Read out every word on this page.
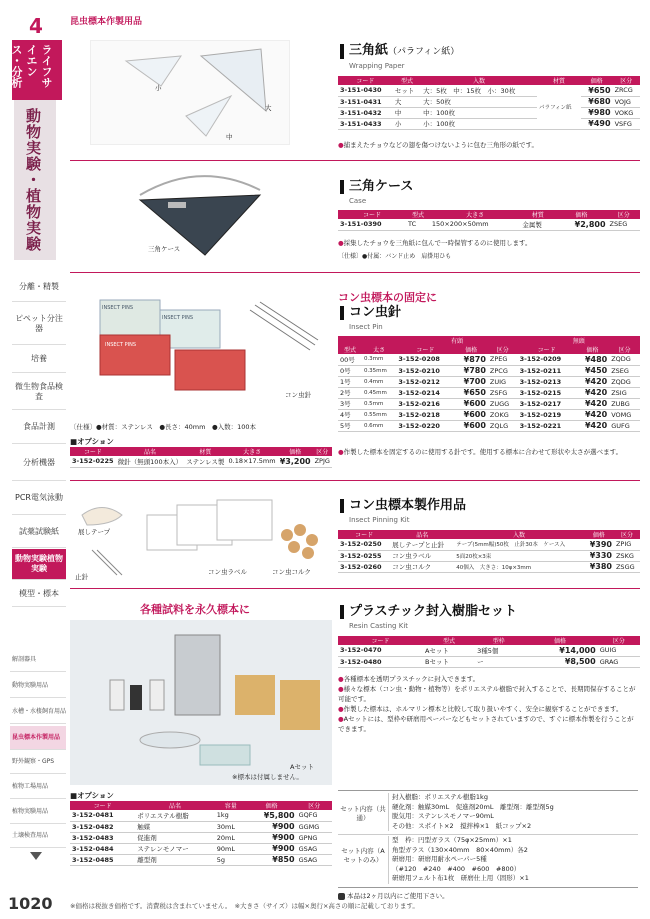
4
ライフサイエンス・分析
動物実験・植物実験
分離・精製
ピペット分注器
培養
微生物食品検査
食品計測
分析機器
PCR電気泳動
試薬試験紙
動物実験植物実験
模型・標本
解剖器具
動物実験用品
水槽・水棲飼育用品
昆虫標本作製用品
野外観察・GPS
植物工場用品
植物実験用品
土壌検査用品
1020	※価格は税抜き価格です。消費税は含まれていません。　※大きさ（サイズ）は幅×奥行×高さの順に記載しております。
昆虫標本作製用品
小
大
中
三角紙（パラフィン紙）
Wrapping Paper
コード	型式	入数	材質	価格	区分
3-151-0430	セット	大：5枚　中：15枚　小：30枚	パラフィン紙	¥650	ZRCG
3-151-0431	大	大：50枚		¥680	VOJG
3-151-0432	中	中：100枚		¥980	VOKG
3-151-0433	小	小：100枚		¥490	VSFG
●捕まえたチョウなどの翅を傷つけないように包む三角形の紙です。
三角ケース
三角ケース
Case
コード	型式	大きさ	材質	価格	区分
3-151-0390	TC	150×200×50mm	金属製	¥2,800	ZSEG
●採集したチョウを三角紙に包んで一時保管するのに使用します。
〔仕様〕●付属：バンド止め　肩掛用ひも
コン虫標本の固定に
コン虫針
Insect Pin
INSECT PINS
INSECT PINS
INSECT PINS
コン虫針
		有頭			無頭		
型式	太さ	コード	価格	区分	コード	価格	区分
00号	0.3mm	3-152-0208	¥870	ZPEG	3-152-0209	¥480	ZQDG
0号	0.35mm	3-152-0210	¥780	ZPCG	3-152-0211	¥450	ZSEG
1号	0.4mm	3-152-0212	¥700	ZUIG	3-152-0213	¥420	ZQDG
2号	0.45mm	3-152-0214	¥650	ZSFG	3-152-0215	¥420	ZSIG
3号	0.5mm	3-152-0216	¥600	ZUGG	3-152-0217	¥420	ZUBG
4号	0.55mm	3-152-0218	¥600	ZOKG	3-152-0219	¥420	VOMG
5号	0.6mm	3-152-0220	¥600	ZQLG	3-152-0221	¥420	GUFG
〔仕様〕●材質：ステンレス　●長さ：40mm　●入数：100本
■オプション
コード	品名	材質	大きさ	価格	区分
3-152-0225	微針（無頭100本入）	ステンレス製	0.18×17.5mm	¥3,200	ZPJG
●作製した標本を固定するのに使用する針です。使用する標本に合わせて形状や太さが選べます。
コン虫標本製作用品
Insect Pinning Kit
展しテープ
止針
コン虫ラベル	コン虫コルク
コード	品名	入数	価格	区分
3-152-0250	展しテープと止針	テープ(5mm幅)50枚　止針30本　ケース入	¥390	ZPIG
3-152-0255	コン虫ラベル	5面20枚×3束	¥330	ZSKG
3-152-0260	コン虫コルク	40個入　大きさ：10φ×3mm	¥380	ZSGG
各種試料を永久標本に	プラスチック封入樹脂セット
Resin Casting Kit
Aセット
※標本は付属しません。
コード	型式	型枠	価格	区分
3-152-0470	Aセット	3種5個	¥14,000	GUIG
3-152-0480	Bセット	ー	¥8,500	GRAG
●各種標本を透明プラスチックに封入できます。
●様々な標本（コン虫・動物・植物等）をポリエステル樹脂で封入することで、長期間保存することが可能です。
●作製した標本は、ホルマリン標本と比較して取り扱いやすく、安全に観察することができます。
●Aセットには、型枠や研磨用ペーパーなどもセットされていますので、すぐに標本作製を行うことができます。
セット内容（共通）
封入樹脂：ポリエステル樹脂1kg
硬化剤：触媒30mL　促進剤20mL　離型剤：離型剤5g
脱気用：ステンレスモノマー90mL
その他：スポイト×2　撹拌棒×1　紙コップ×2
セット内容（Aセットのみ）
型　枠：円型ガラス（75φ×25mm）×1
角型ガラス（130×40mm　80×40mm）各2
研磨用：研磨用耐水ペーパー5種
（#120　#240　#400　#600　#800）
研磨用フェルト布1枚　研磨仕上用（固形）×1
本品は2ヶ月以内にご使用下さい。
■オプション
コード	品名	容量	価格	区分
3-152-0481	ポリエステル樹脂	1kg	¥5,800	GQFG
3-152-0482	触媒	30mL	¥900	GGMG
3-152-0483	促進剤	20mL	¥900	GPNG
3-152-0484	ステレンモノマー	90mL	¥900	GSAG
3-152-0485	離型剤	5g	¥850	GSAG
